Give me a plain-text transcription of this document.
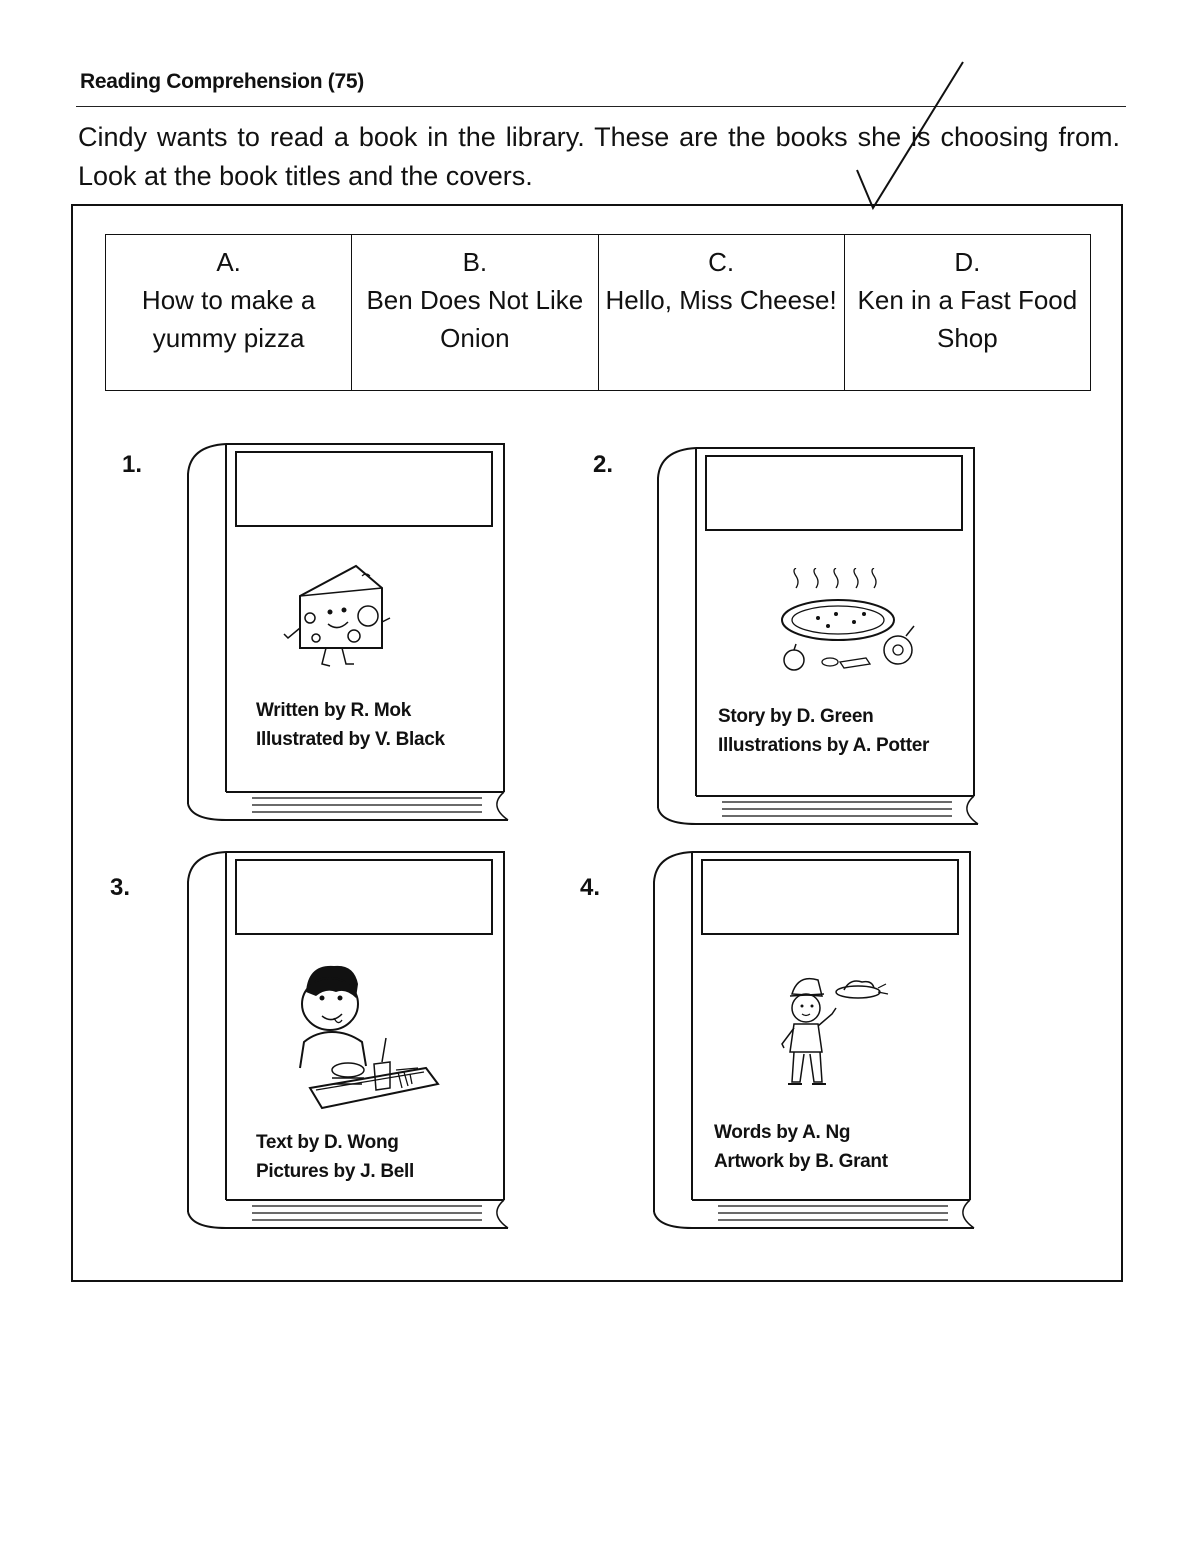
Reading Comprehension (75)
Cindy wants to read a book in the library. These are the books she is choosing from. Look at the book titles and the covers.
A.
How to make a yummy pizza

B.
Ben Does Not Like Onion

C.
Hello, Miss Cheese!

D.
Ken in a Fast Food Shop
1.	2.
3.	4.
Written by R. Mok
Illustrated by V. Black
Story by D. Green
Illustrations by A. Potter
Text by D. Wong
Pictures by J. Bell
Words by A. Ng
Artwork by B. Grant
